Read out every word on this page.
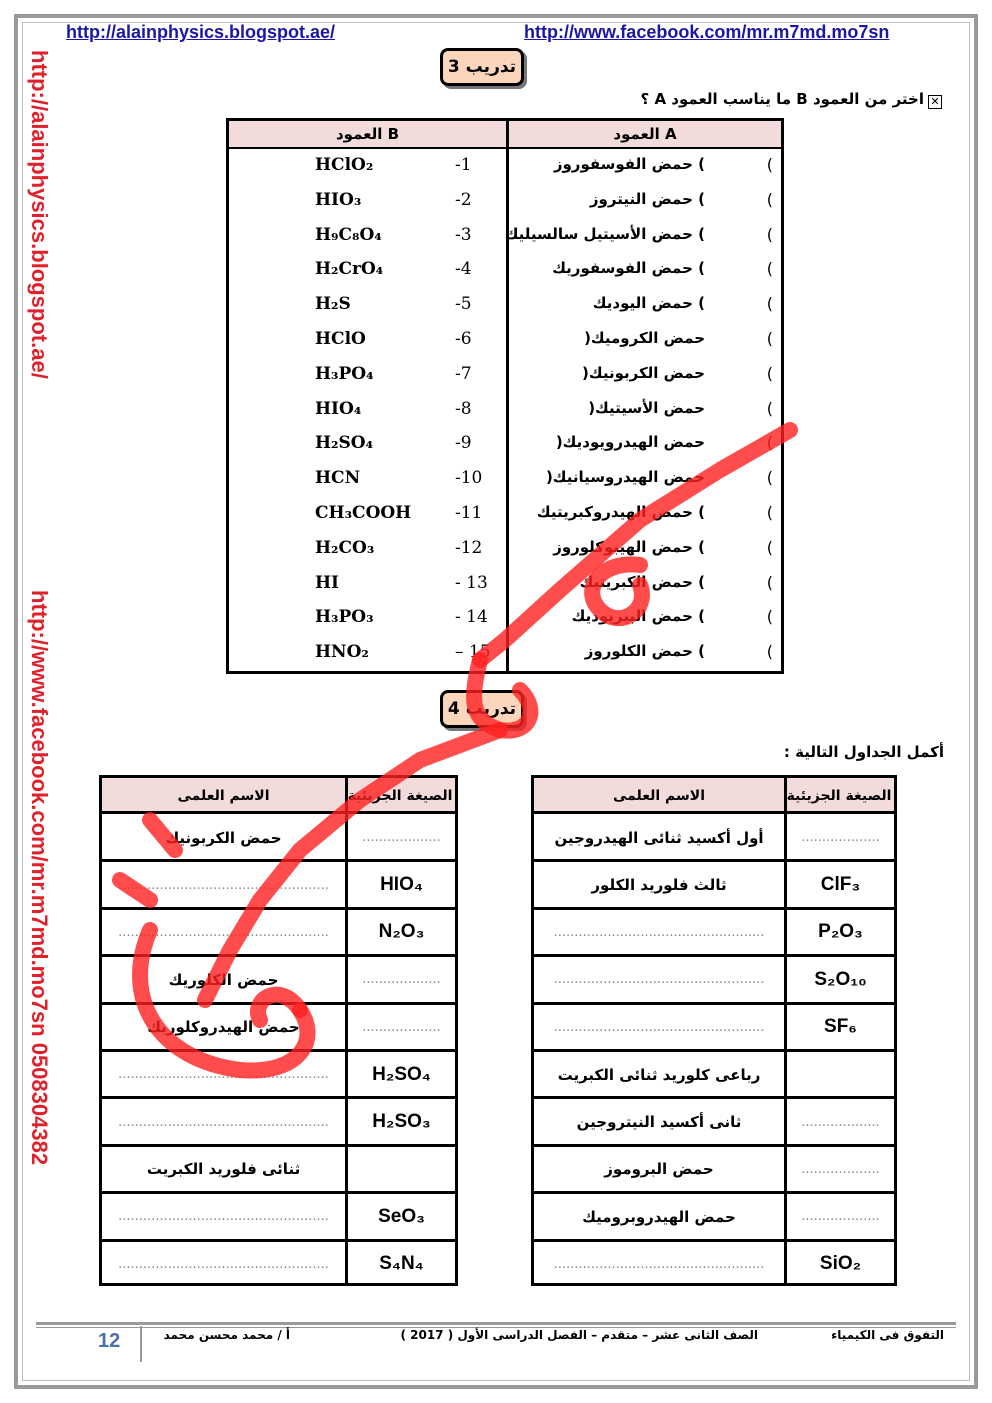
http://alainphysics.blogspot.ae/	http://www.facebook.com/mr.m7md.mo7sn
http://alainphysics.blogspot.ae/
http://www.facebook.com/mr.m7md.mo7sn 0508304382
تدريب 3
✕اختر من العمود B ما يناسب العمود A ؟
العمود A
العمود B
(
) حمض الفوسفوروز
-1
HClO₂
(
) حمض النيتروز
-2
HIO₃
(
) حمض الأسيتيل سالسيليك
-3
H₉C₈O₄
(
) حمض الفوسفوريك
-4
H₂CrO₄
(
) حمض اليوديك
-5
H₂S
(
حمض الكروميك(
-6
HClO
(
حمض الكربونيك(
-7
H₃PO₄
(
حمض الأسيتيك(
-8
HIO₄
(
حمض الهيدرويوديك(
-9
H₂SO₄
(
حمض الهيدروسيانيك(
-10
HCN
(
) حمض الهيدروكبريتيك
-11
CH₃COOH
(
) حمض الهيبوكلوروز
-12
H₂CO₃
(
) حمض الكبريتيك
- 13
HI
(
) حمض البيريوديك
- 14
H₃PO₃
(
) حمض الكلوروز
– 15
HNO₂
تدريب 4
أكمل الجداول التالية :
الصيغة الجزيئية
الاسم العلمى
...................
أول أكسيد ثنائى الهيدروجين
ClF₃
ثالث فلوريد الكلور
P₂O₃
...................................................
S₂O₁₀
...................................................
SF₆
...................................................
رباعى كلوريد ثنائى الكبريت
...................
ثانى أكسيد النيتروجين
...................
حمض البروموز
...................
حمض الهيدروبروميك
SiO₂
...................................................
الصيغة الجزيئية
الاسم العلمى
...................
حمض الكربونيك
HIO₄
...................................................
N₂O₃
...................................................
...................
حمض الكلوريك
...................
حمض الهيدروكلوريك
H₂SO₄
...................................................
H₂SO₃
...................................................
ثنائى فلوريد الكبريت
SeO₃
...................................................
S₄N₄
...................................................
التفوق فى الكيمياء
الصف الثانى عشر – متقدم – الفصل الدراسى الأول ( 2017 )
أ / محمد محسن محمد
12
